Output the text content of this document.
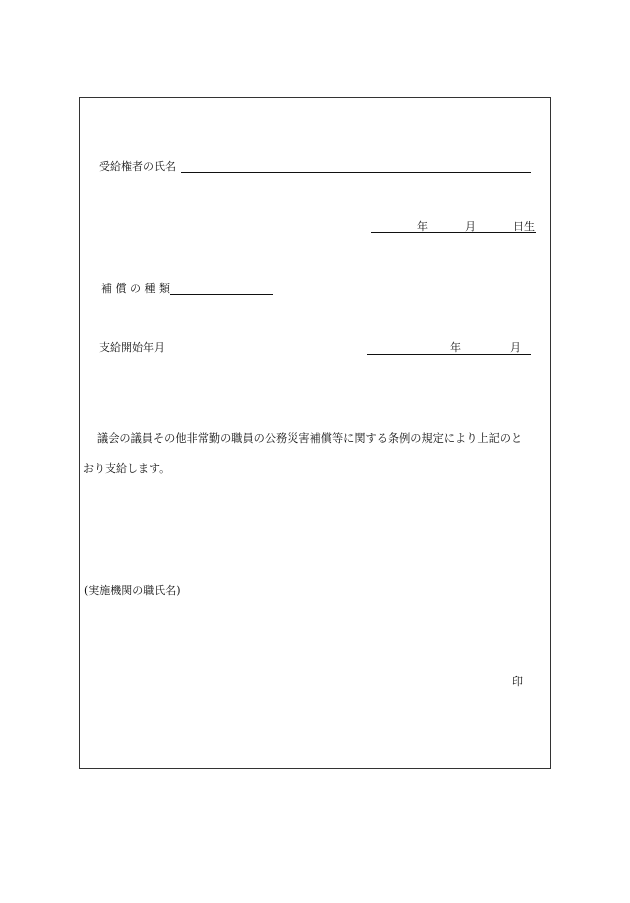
受給権者の氏名
年	月	日生
補 償 の 種 類
支給開始年月	年	月
議会の議員その他非常勤の職員の公務災害補償等に関する条例の規定により上記のと
おり支給します。
(実施機関の職氏名)
印
